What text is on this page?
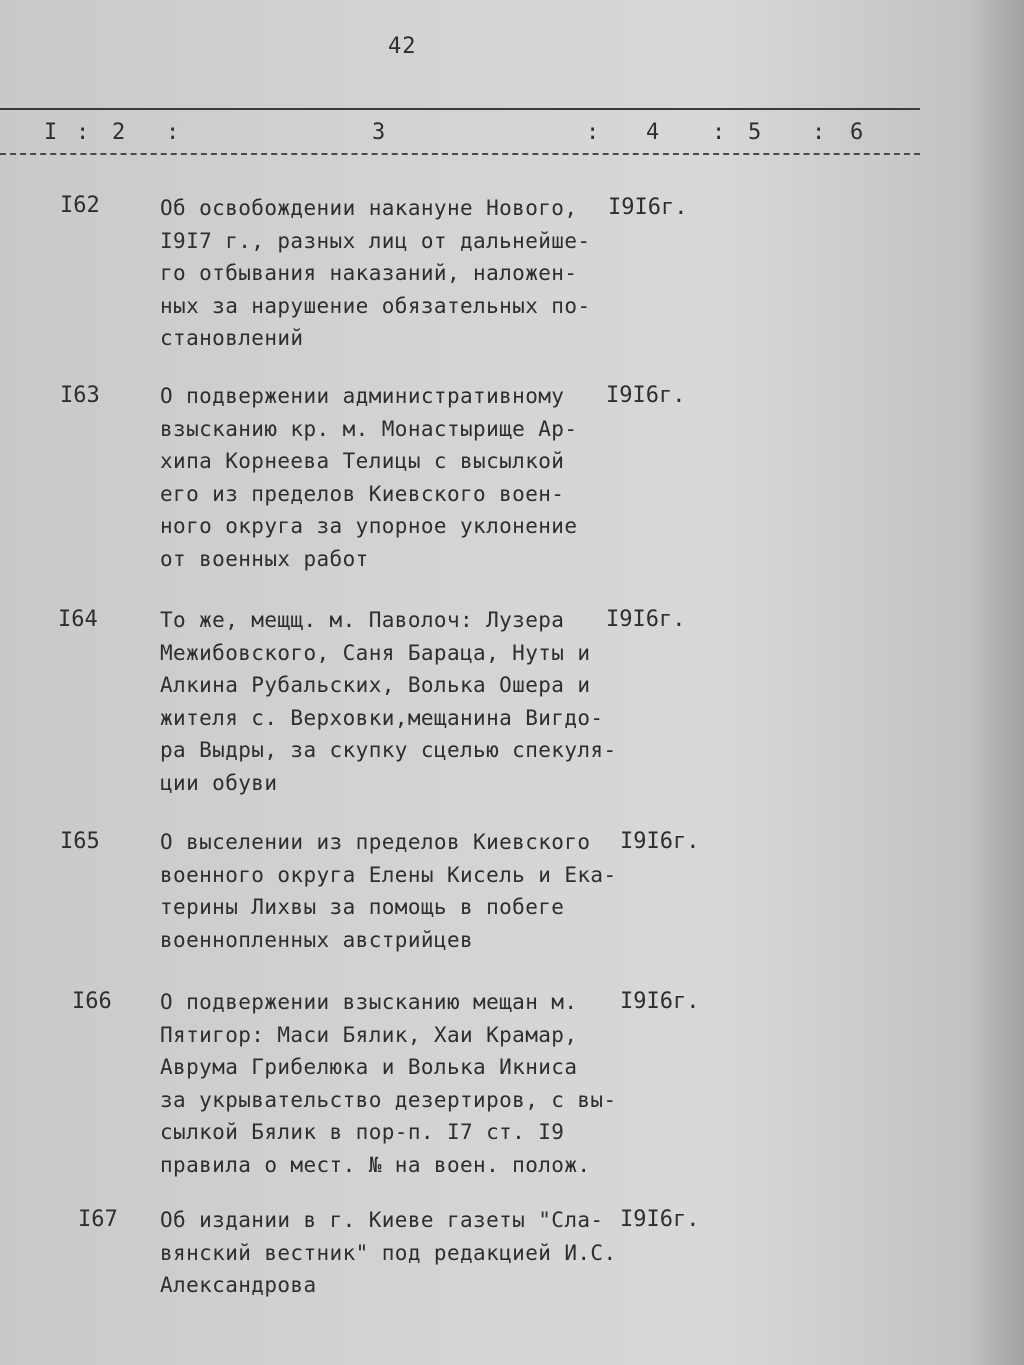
42
I : 2 :	3	: 4 : 5 : 6
I62	Об освобождении накануне Нового,
I9I7 г., разных лиц от дальнейше-
го отбывания наказаний, наложен-
ных за нарушение обязательных по-
становлений
I9I6г.
I63	О подвержении административному
взысканию кр. м. Монастырище Ар-
хипа Корнеева Телицы с высылкой
его из пределов Киевского воен-
ного округа за упорное уклонение
от военных работ
I9I6г.
I64	То же, мещщ. м. Паволоч: Лузера
Межибовского, Саня Бараца, Нуты и
Алкина Рубальских, Волька Ошера и
жителя с. Верховки,мещанина Вигдо-
ра Выдры, за скупку сцелью спекуля-
ции обуви
I9I6г.
I65	О выселении из пределов Киевского
военного округа Елены Кисель и Ека-
терины Лихвы за помощь в побеге
военнопленных австрийцев
I9I6г.
I66 О подвержении взысканию мещан м.
Пятигор: Маси Бялик, Хаи Крамар,
Аврума Грибелюка и Волька Икниса
за укрывательство дезертиров, с вы-
сылкой Бялик в пор-п. I7 ст. I9
правила о мест. № на воен. полож.
I9I6г.
I67 Об издании в г. Киеве газеты "Сла-
вянский вестник" под редакцией И.С.
Александрова
I9I6г.
